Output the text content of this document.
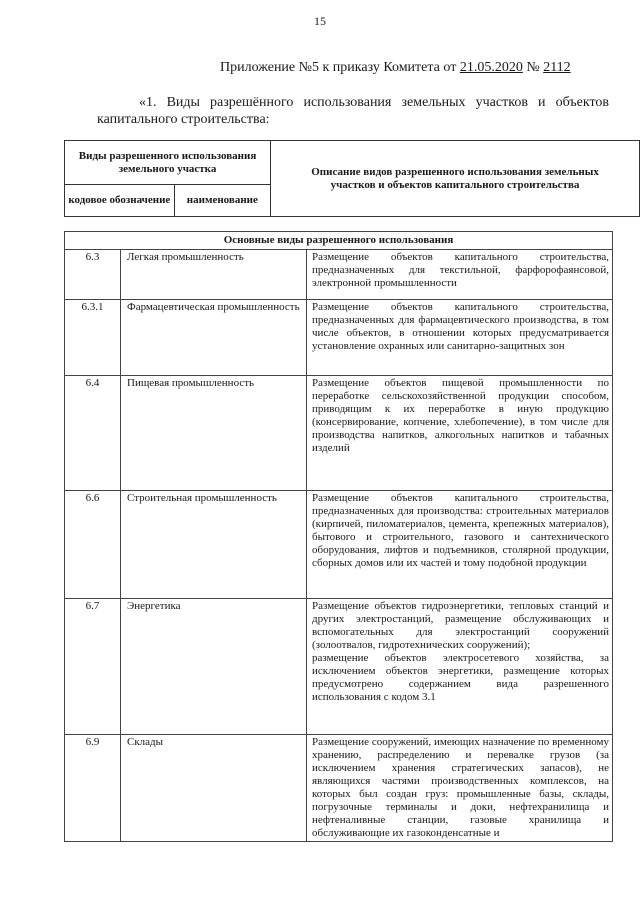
15
Приложение №5 к приказу Комитета от 21.05.2020 № 2112
«1. Виды разрешённого использования земельных участков и объектов капитального строительства:
Виды разрешенного использования земельного участка		Описание видов разрешенного использования земельных участков и объектов капитального строительства
кодовое обозначение	наименование	
Основные виды разрешенного использования		
6.3	Легкая промышленность	Размещение объектов капитального строительства, предназначенных для текстильной, фарфорофаянсовой, электронной промышленности

6.3.1	Фармацевтическая промышленность	Размещение объектов капитального строительства, предназначенных для фармацевтического производства, в том числе объектов, в отношении которых предусматривается установление охранных или санитарно-защитных зон

6.4	Пищевая промышленность	Размещение объектов пищевой промышленности по переработке сельскохозяйственной продукции способом, приводящим к их переработке в иную продукцию (консервирование, копчение, хлебопечение), в том числе для производства напитков, алкогольных напитков и табачных изделий

6.6	Строительная промышленность	Размещение объектов капитального строительства, предназначенных для производства: строительных материалов (кирпичей, пиломатериалов, цемента, крепежных материалов), бытового и строительного, газового и сантехнического оборудования, лифтов и подъемников, столярной продукции, сборных домов или их частей и тому подобной продукции

6.7	Энергетика	Размещение объектов гидроэнергетики, тепловых станций и других электростанций, размещение обслуживающих и вспомогательных для электростанций сооружений (золоотвалов, гидротехнических сооружений);
размещение объектов электросетевого хозяйства, за исключением объектов энергетики, размещение которых предусмотрено содержанием вида разрешенного использования с кодом 3.1

6.9	Склады	Размещение сооружений, имеющих назначение по временному хранению, распределению и перевалке грузов (за исключением хранения стратегических запасов), не являющихся частями производственных комплексов, на которых был создан груз: промышленные базы, склады, погрузочные терминалы и доки, нефтехранилища и нефтеналивные станции, газовые хранилища и обслуживающие их газоконденсатные и
